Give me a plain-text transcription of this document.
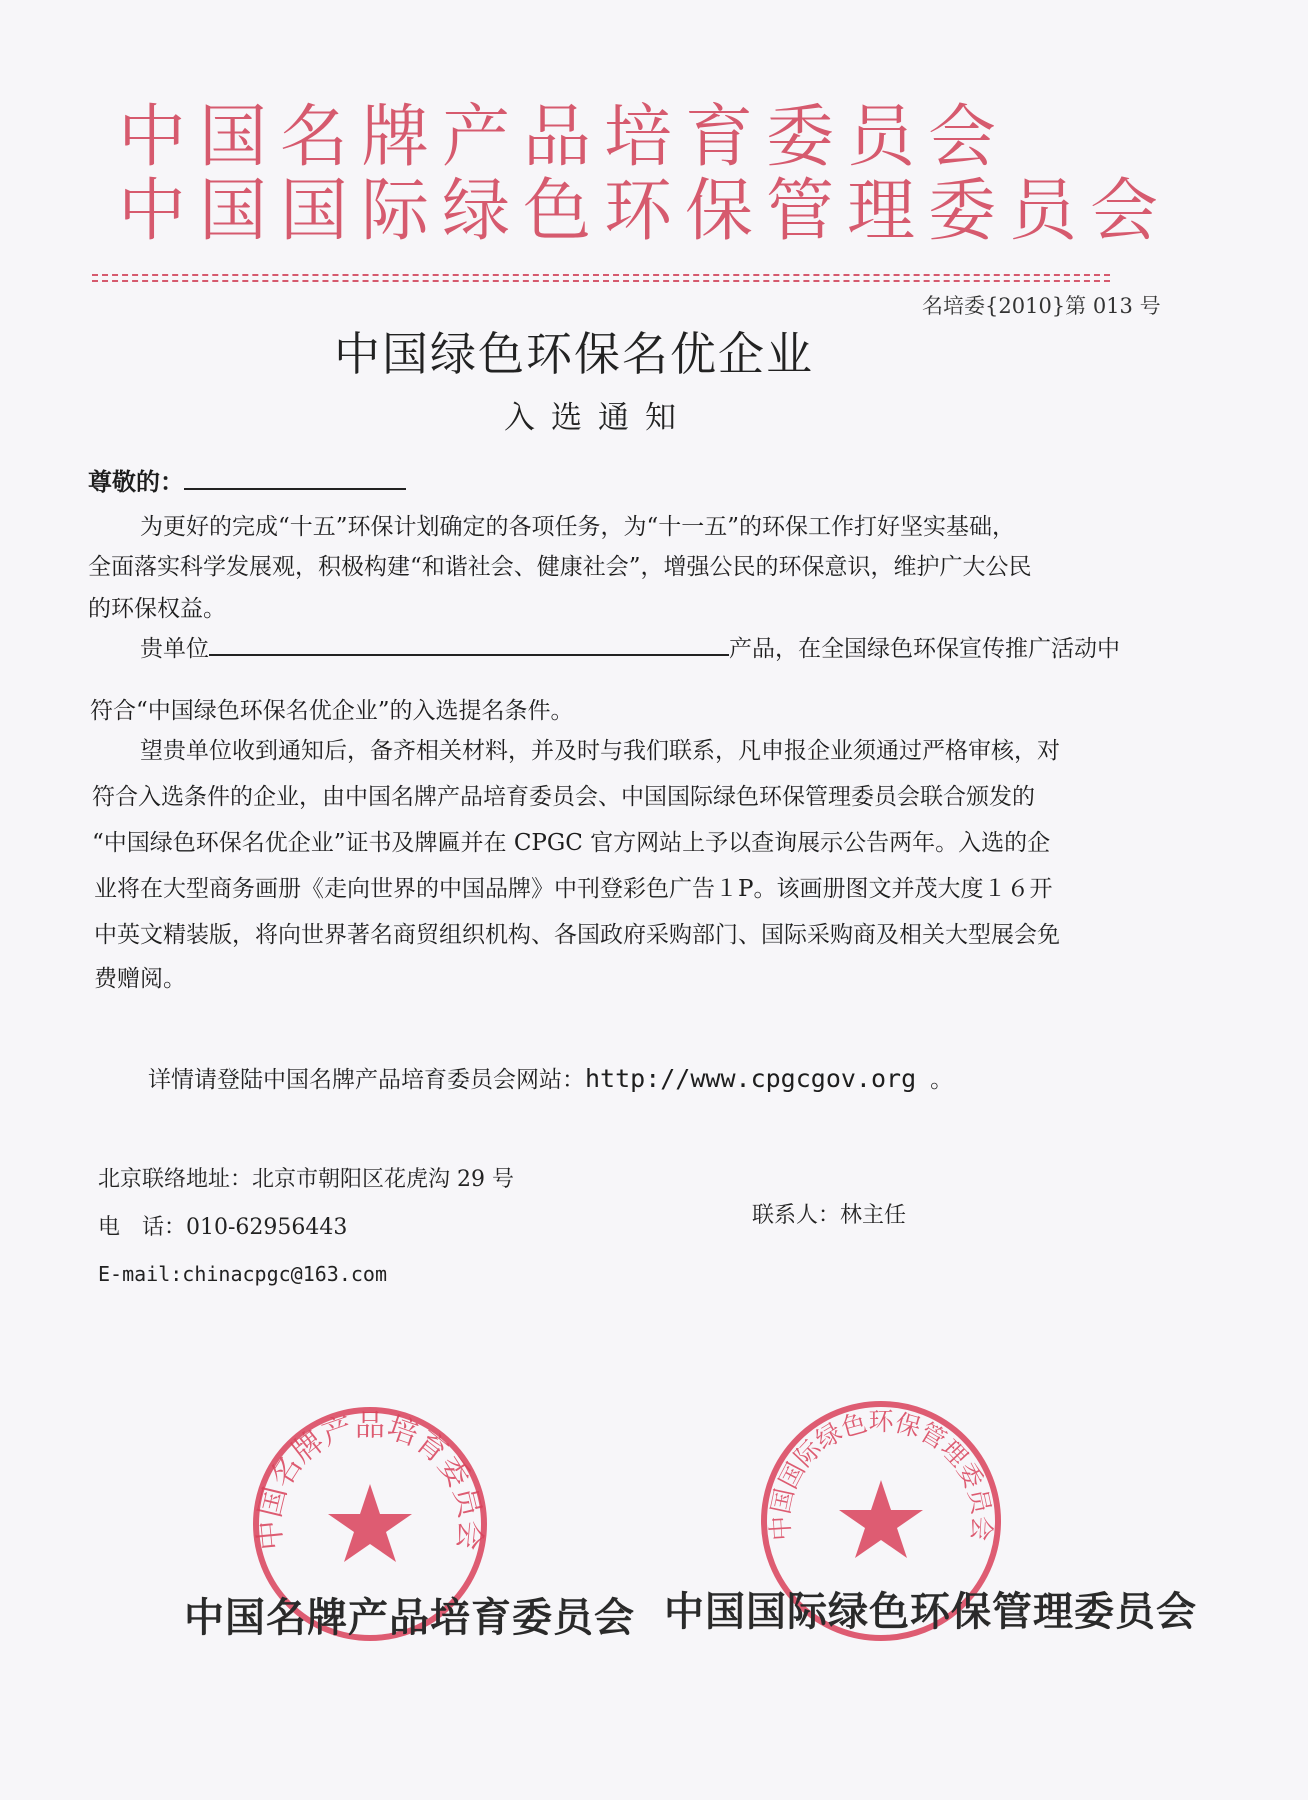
中国名牌产品培育委员会
中国国际绿色环保管理委员会
名培委{2010}第 013 号
中国绿色环保名优企业
入选通知
尊敬的：
为更好的完成“十五”环保计划确定的各项任务，为“十一五”的环保工作打好坚实基础，
全面落实科学发展观，积极构建“和谐社会、健康社会”，增强公民的环保意识，维护广大公民
的环保权益。
贵单位	产品，在全国绿色环保宣传推广活动中
符合“中国绿色环保名优企业”的入选提名条件。
望贵单位收到通知后，备齐相关材料，并及时与我们联系，凡申报企业须通过严格审核，对
符合入选条件的企业，由中国名牌产品培育委员会、中国国际绿色环保管理委员会联合颁发的
“中国绿色环保名优企业”证书及牌匾并在 CPGC 官方网站上予以查询展示公告两年。入选的企
业将在大型商务画册《走向世界的中国品牌》中刊登彩色广告１P。该画册图文并茂大度１６开
中英文精装版，将向世界著名商贸组织机构、各国政府采购部门、国际采购商及相关大型展会免
费赠阅。
详情请登陆中国名牌产品培育委员会网站：http://www.cpgcgov.org 。
北京联络地址：北京市朝阳区花虎沟 29 号
电　话：010-62956443	联系人：林主任
E-mail:chinacpgc@163.com
中国名牌产品培育委员会	中国国际绿色环保管理委员会
中国名牌产品培育委员会 中国国际绿色环保管理委员会
